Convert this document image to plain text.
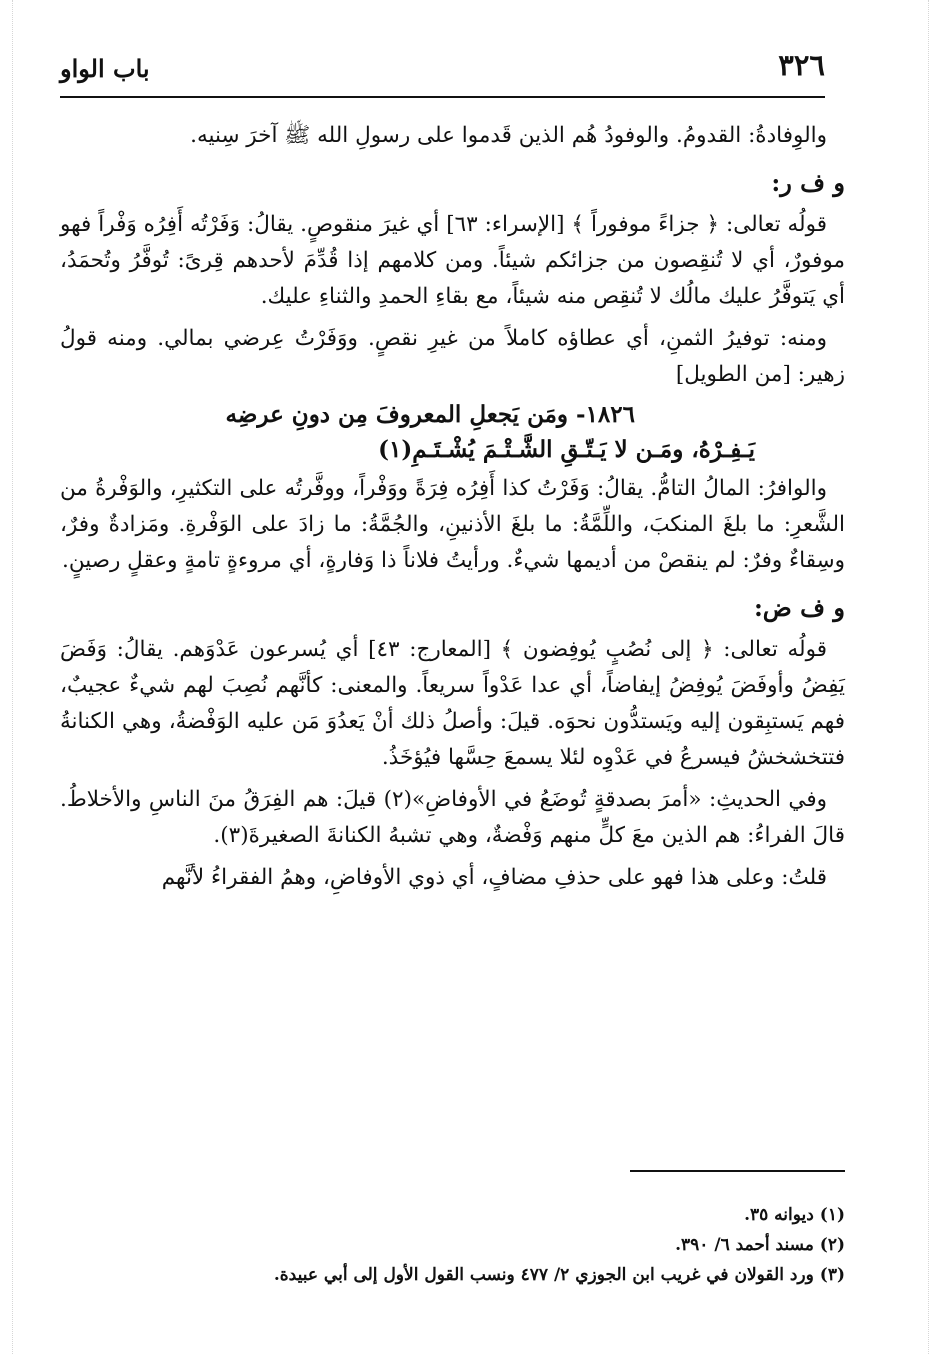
٣٢٦
باب الواو

والوِفادةُ: القدومُ. والوفودُ هُم الذين قَدموا على رسولِ الله ﷺ آخرَ سِنيه.

و ف ر:

قولُه تعالى: ﴿ جزاءً موفوراً ﴾ [الإسراء: ٦٣] أي غيرَ منقوصٍ. يقالُ: وَفَرْتُه أَفِرُه وَفْراً فهو موفورٌ، أي لا تُنقِصون من جزائكم شيئاً. ومن كلامهم إذا قُدِّمَ لأحدهم قِرىً: تُوفَّرُ وتُحمَدُ، أي يَتوفَّرُ عليك مالُك لا تُنقِص منه شيئاً، مع بقاءِ الحمدِ والثناءِ عليك.

ومنه: توفيرُ الثمنِ، أي عطاؤه كاملاً من غيرِ نقصٍ. ووَفَرْتُ عِرضي بمالي. ومنه قولُ زهير: [من الطويل]

١٨٢٦- ومَن يَجعلِ المعروفَ مِن دونِ عرضِه
يَـفِـرْهُ، ومَـن لا يَـتّـقِ الشَّـتْـمَ يُشْـتَـمِ(١)

والوافرُ: المالُ التامُّ. يقالُ: وَفَرْتُ كذا أَفِرُه فِرَةً ووَفْراً، ووفَّرتُه على التكثيرِ، والوَفْرةُ من الشَّعرِ: ما بلغَ المنكبَ، واللِّمَّةُ: ما بلغَ الأذنينِ، والجُمَّةُ: ما زادَ على الوَفْرةِ. ومَزادةٌ وفرٌ، وسِقاءٌ وفرٌ: لم ينقصْ من أديمها شيءٌ. ورأيتُ فلاناً ذا وَفارةٍ، أي مروءةٍ تامةٍ وعقلٍ رصينٍ.

و ف ض:

قولُه تعالى: ﴿ إلى نُصُبٍ يُوفِضون ﴾ [المعارج: ٤٣] أي يُسرعون عَدْوَهم. يقالُ: وَفَضَ يَفِضُ وأوفَضَ يُوفِضُ إيفاضاً، أي عدا عَدْواً سريعاً. والمعنى: كأنَّهم نُصِبَ لهم شيءٌ عجيبٌ، فهم يَستبِقون إليه ويَستدُّون نحوَه. قيلَ: وأصلُ ذلك أنْ يَعدُوَ مَن عليه الوَفْضةُ، وهي الكنانةُ فتتخشخشُ فيسرعُ في عَدْوِه لئلا يسمعَ حِسَّها فيُؤخَذُ.

وفي الحديثِ: «أمرَ بصدقةٍ تُوضَعُ في الأوفاضِ»(٢) قيلَ: هم الفِرَقُ منَ الناسِ والأخلاطُ. قالَ الفراءُ: هم الذين معَ كلٍّ منهم وَفْضةٌ، وهي تشبهُ الكنانةَ الصغيرةَ(٣).

قلتُ: وعلى هذا فهو على حذفِ مضافٍ، أي ذوي الأوفاضِ، وهمُ الفقراءُ لأنَّهم

(١) ديوانه ٣٥.

(٢) مسند أحمد ٦/ ٣٩٠.

(٣) ورد القولان في غريب ابن الجوزي ٢/ ٤٧٧ ونسب القول الأول إلى أبي عبيدة.
